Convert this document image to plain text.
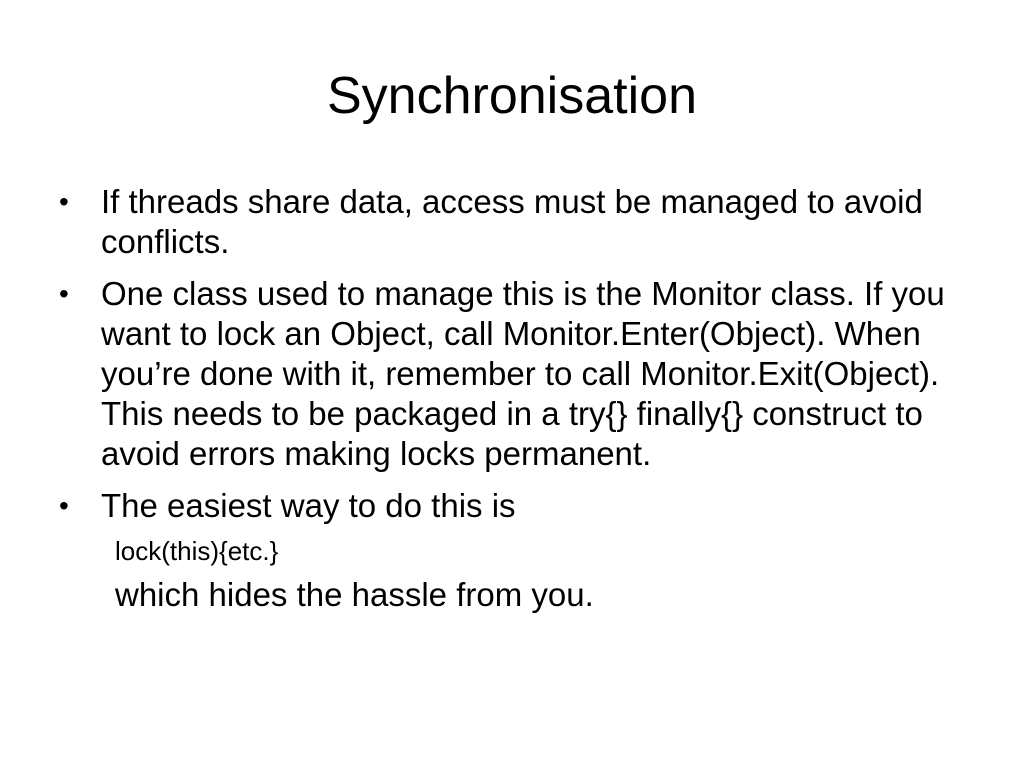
Synchronisation
• If threads share data, access must be managed to avoid conflicts.
• One class used to manage this is the Monitor class. If you want to lock an Object, call Monitor.Enter(Object). When you’re done with it, remember to call Monitor.Exit(Object). This needs to be packaged in a try{} finally{} construct to avoid errors making locks permanent.
• The easiest way to do this is
lock(this){etc.}
which hides the hassle from you.
